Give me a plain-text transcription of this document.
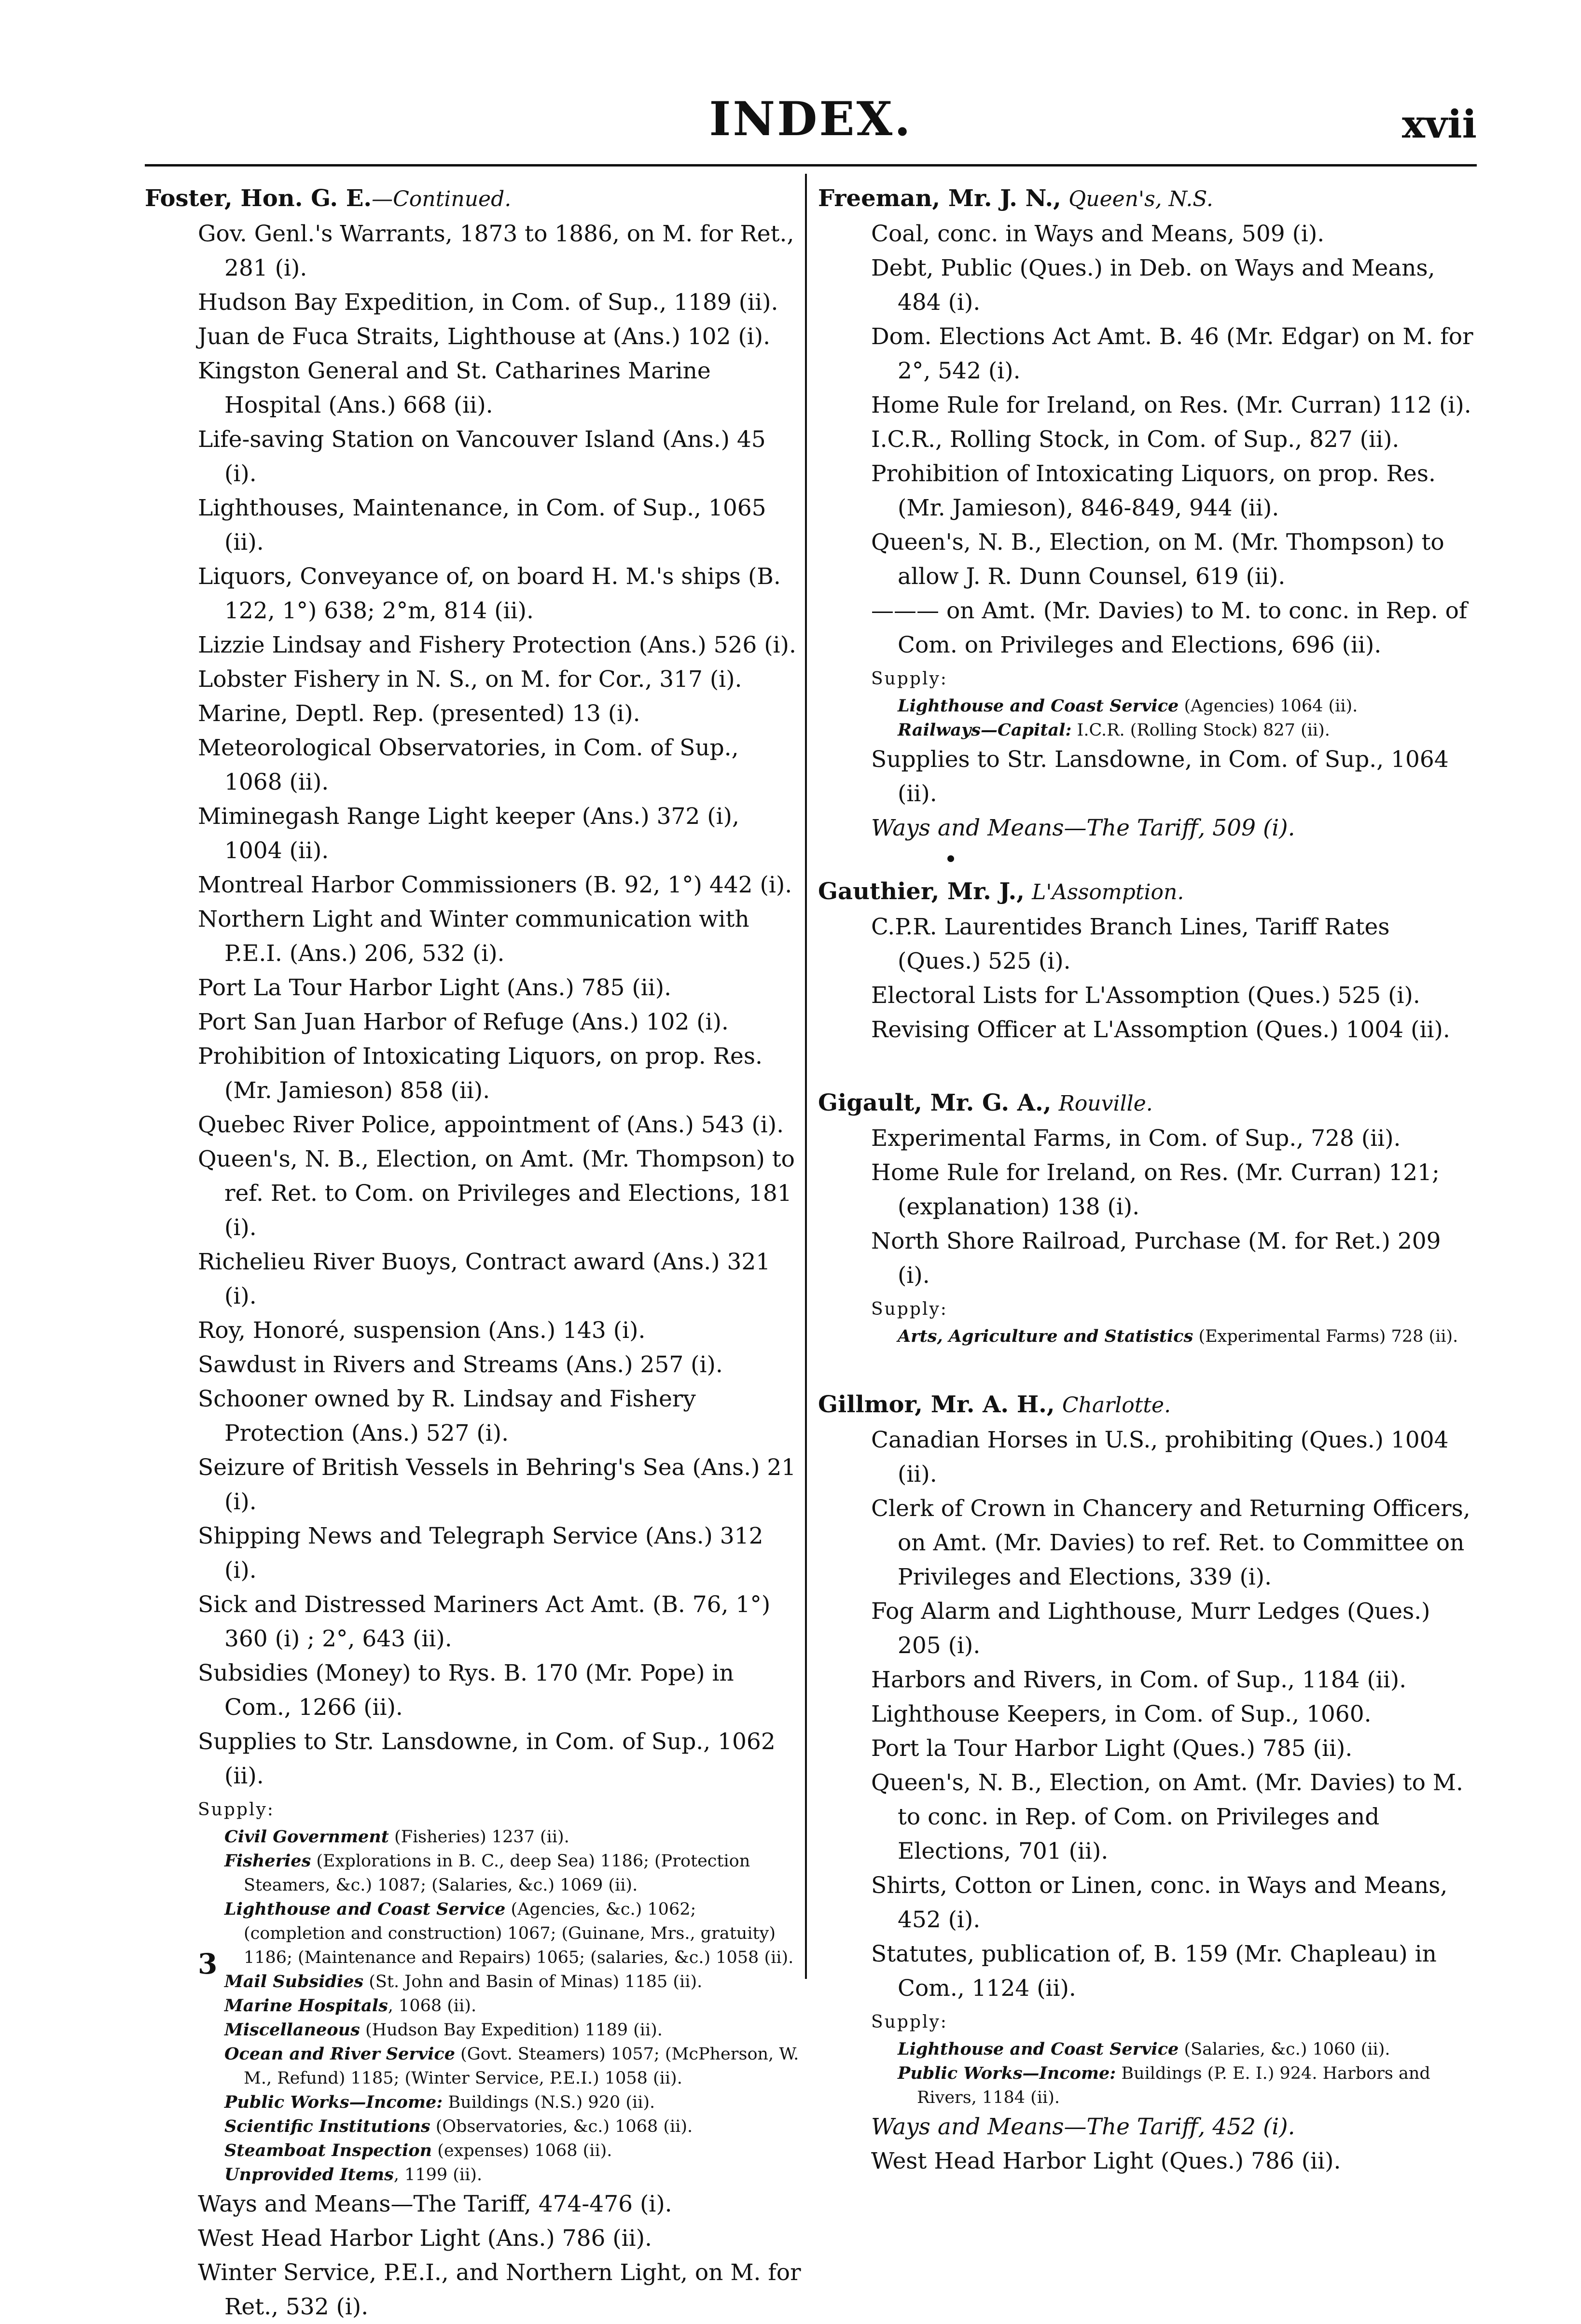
INDEX.	xvii
Foster, Hon. G. E.—Continued.

Gov. Genl.'s Warrants, 1873 to 1886, on M. for Ret., 281 (i).

Hudson Bay Expedition, in Com. of Sup., 1189 (ii).

Juan de Fuca Straits, Lighthouse at (Ans.) 102 (i).

Kingston General and St. Catharines Marine Hospital (Ans.) 668 (ii).

Life-saving Station on Vancouver Island (Ans.) 45 (i).

Lighthouses, Maintenance, in Com. of Sup., 1065 (ii).

Liquors, Conveyance of, on board H. M.'s ships (B. 122, 1°) 638; 2°m, 814 (ii).

Lizzie Lindsay and Fishery Protection (Ans.) 526 (i).

Lobster Fishery in N. S., on M. for Cor., 317 (i).

Marine, Deptl. Rep. (presented) 13 (i).

Meteorological Observatories, in Com. of Sup., 1068 (ii).

Miminegash Range Light keeper (Ans.) 372 (i), 1004 (ii).

Montreal Harbor Commissioners (B. 92, 1°) 442 (i).

Northern Light and Winter communication with P.E.I. (Ans.) 206, 532 (i).

Port La Tour Harbor Light (Ans.) 785 (ii).

Port San Juan Harbor of Refuge (Ans.) 102 (i).

Prohibition of Intoxicating Liquors, on prop. Res. (Mr. Jamieson) 858 (ii).

Quebec River Police, appointment of (Ans.) 543 (i).

Queen's, N. B., Election, on Amt. (Mr. Thompson) to ref. Ret. to Com. on Privileges and Elections, 181 (i).

Richelieu River Buoys, Contract award (Ans.) 321 (i).

Roy, Honoré, suspension (Ans.) 143 (i).

Sawdust in Rivers and Streams (Ans.) 257 (i).

Schooner owned by R. Lindsay and Fishery Protection (Ans.) 527 (i).

Seizure of British Vessels in Behring's Sea (Ans.) 21 (i).

Shipping News and Telegraph Service (Ans.) 312 (i).

Sick and Distressed Mariners Act Amt. (B. 76, 1°) 360 (i) ; 2°, 643 (ii).

Subsidies (Money) to Rys. B. 170 (Mr. Pope) in Com., 1266 (ii).

Supplies to Str. Lansdowne, in Com. of Sup., 1062 (ii).

Supply:

Civil Government (Fisheries) 1237 (ii).

Fisheries (Explorations in B. C., deep Sea) 1186; (Protection Steamers, &c.) 1087; (Salaries, &c.) 1069 (ii).

Lighthouse and Coast Service (Agencies, &c.) 1062; (completion and construction) 1067; (Guinane, Mrs., gratuity) 1186; (Maintenance and Repairs) 1065; (salaries, &c.) 1058 (ii).

Mail Subsidies (St. John and Basin of Minas) 1185 (ii).

Marine Hospitals, 1068 (ii).

Miscellaneous (Hudson Bay Expedition) 1189 (ii).

Ocean and River Service (Govt. Steamers) 1057; (McPherson, W. M., Refund) 1185; (Winter Service, P.E.I.) 1058 (ii).

Public Works—Income: Buildings (N.S.) 920 (ii).

Scientific Institutions (Observatories, &c.) 1068 (ii).

Steamboat Inspection (expenses) 1068 (ii).

Unprovided Items, 1199 (ii).

Ways and Means—The Tariff, 474-476 (i).

West Head Harbor Light (Ans.) 786 (ii).

Winter Service, P.E.I., and Northern Light, on M. for Ret., 532 (i).

3
Freeman, Mr. J. N., Queen's, N.S.

Coal, conc. in Ways and Means, 509 (i).

Debt, Public (Ques.) in Deb. on Ways and Means, 484 (i).

Dom. Elections Act Amt. B. 46 (Mr. Edgar) on M. for 2°, 542 (i).

Home Rule for Ireland, on Res. (Mr. Curran) 112 (i).

I.C.R., Rolling Stock, in Com. of Sup., 827 (ii).

Prohibition of Intoxicating Liquors, on prop. Res. (Mr. Jamieson), 846-849, 944 (ii).

Queen's, N. B., Election, on M. (Mr. Thompson) to allow J. R. Dunn Counsel, 619 (ii).

——— on Amt. (Mr. Davies) to M. to conc. in Rep. of Com. on Privileges and Elections, 696 (ii).

Supply:

Lighthouse and Coast Service (Agencies) 1064 (ii).

Railways—Capital: I.C.R. (Rolling Stock) 827 (ii).

Supplies to Str. Lansdowne, in Com. of Sup., 1064 (ii).

Ways and Means—The Tariff, 509 (i).

•

Gauthier, Mr. J., L'Assomption.

C.P.R. Laurentides Branch Lines, Tariff Rates (Ques.) 525 (i).

Electoral Lists for L'Assomption (Ques.) 525 (i).

Revising Officer at L'Assomption (Ques.) 1004 (ii).

Gigault, Mr. G. A., Rouville.

Experimental Farms, in Com. of Sup., 728 (ii).

Home Rule for Ireland, on Res. (Mr. Curran) 121; (explanation) 138 (i).

North Shore Railroad, Purchase (M. for Ret.) 209 (i).

Supply:

Arts, Agriculture and Statistics (Experimental Farms) 728 (ii).

Gillmor, Mr. A. H., Charlotte.

Canadian Horses in U.S., prohibiting (Ques.) 1004 (ii).

Clerk of Crown in Chancery and Returning Officers, on Amt. (Mr. Davies) to ref. Ret. to Committee on Privileges and Elections, 339 (i).

Fog Alarm and Lighthouse, Murr Ledges (Ques.) 205 (i).

Harbors and Rivers, in Com. of Sup., 1184 (ii).

Lighthouse Keepers, in Com. of Sup., 1060.

Port la Tour Harbor Light (Ques.) 785 (ii).

Queen's, N. B., Election, on Amt. (Mr. Davies) to M. to conc. in Rep. of Com. on Privileges and Elections, 701 (ii).

Shirts, Cotton or Linen, conc. in Ways and Means, 452 (i).

Statutes, publication of, B. 159 (Mr. Chapleau) in Com., 1124 (ii).

Supply:

Lighthouse and Coast Service (Salaries, &c.) 1060 (ii).

Public Works—Income: Buildings (P. E. I.) 924. Harbors and Rivers, 1184 (ii).

Ways and Means—The Tariff, 452 (i).

West Head Harbor Light (Ques.) 786 (ii).
